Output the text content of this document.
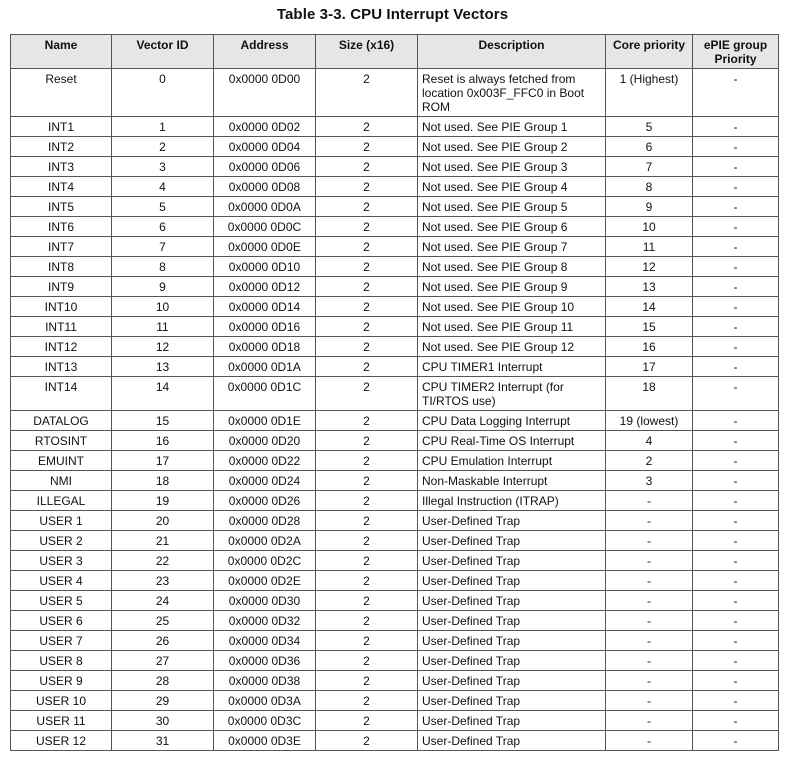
Table 3-3. CPU Interrupt Vectors
Name	Vector ID	Address	Size (x16)	Description	Core priority	ePIE group Priority
Reset	0	0x0000 0D00	2	Reset is always fetched from location 0x003F_FFC0 in Boot ROM	1 (Highest)	-
INT1	1	0x0000 0D02	2	Not used. See PIE Group 1	5	-
INT2	2	0x0000 0D04	2	Not used. See PIE Group 2	6	-
INT3	3	0x0000 0D06	2	Not used. See PIE Group 3	7	-
INT4	4	0x0000 0D08	2	Not used. See PIE Group 4	8	-
INT5	5	0x0000 0D0A	2	Not used. See PIE Group 5	9	-
INT6	6	0x0000 0D0C	2	Not used. See PIE Group 6	10	-
INT7	7	0x0000 0D0E	2	Not used. See PIE Group 7	11	-
INT8	8	0x0000 0D10	2	Not used. See PIE Group 8	12	-
INT9	9	0x0000 0D12	2	Not used. See PIE Group 9	13	-
INT10	10	0x0000 0D14	2	Not used. See PIE Group 10	14	-
INT11	11	0x0000 0D16	2	Not used. See PIE Group 11	15	-
INT12	12	0x0000 0D18	2	Not used. See PIE Group 12	16	-
INT13	13	0x0000 0D1A	2	CPU TIMER1 Interrupt	17	-
INT14	14	0x0000 0D1C	2	CPU TIMER2 Interrupt (for TI/RTOS use)	18	-
DATALOG	15	0x0000 0D1E	2	CPU Data Logging Interrupt	19 (lowest)	-
RTOSINT	16	0x0000 0D20	2	CPU Real-Time OS Interrupt	4	-
EMUINT	17	0x0000 0D22	2	CPU Emulation Interrupt	2	-
NMI	18	0x0000 0D24	2	Non-Maskable Interrupt	3	-
ILLEGAL	19	0x0000 0D26	2	Illegal Instruction (ITRAP)	-	-
USER 1	20	0x0000 0D28	2	User-Defined Trap	-	-
USER 2	21	0x0000 0D2A	2	User-Defined Trap	-	-
USER 3	22	0x0000 0D2C	2	User-Defined Trap	-	-
USER 4	23	0x0000 0D2E	2	User-Defined Trap	-	-
USER 5	24	0x0000 0D30	2	User-Defined Trap	-	-
USER 6	25	0x0000 0D32	2	User-Defined Trap	-	-
USER 7	26	0x0000 0D34	2	User-Defined Trap	-	-
USER 8	27	0x0000 0D36	2	User-Defined Trap	-	-
USER 9	28	0x0000 0D38	2	User-Defined Trap	-	-
USER 10	29	0x0000 0D3A	2	User-Defined Trap	-	-
USER 11	30	0x0000 0D3C	2	User-Defined Trap	-	-
USER 12	31	0x0000 0D3E	2	User-Defined Trap	-	-
